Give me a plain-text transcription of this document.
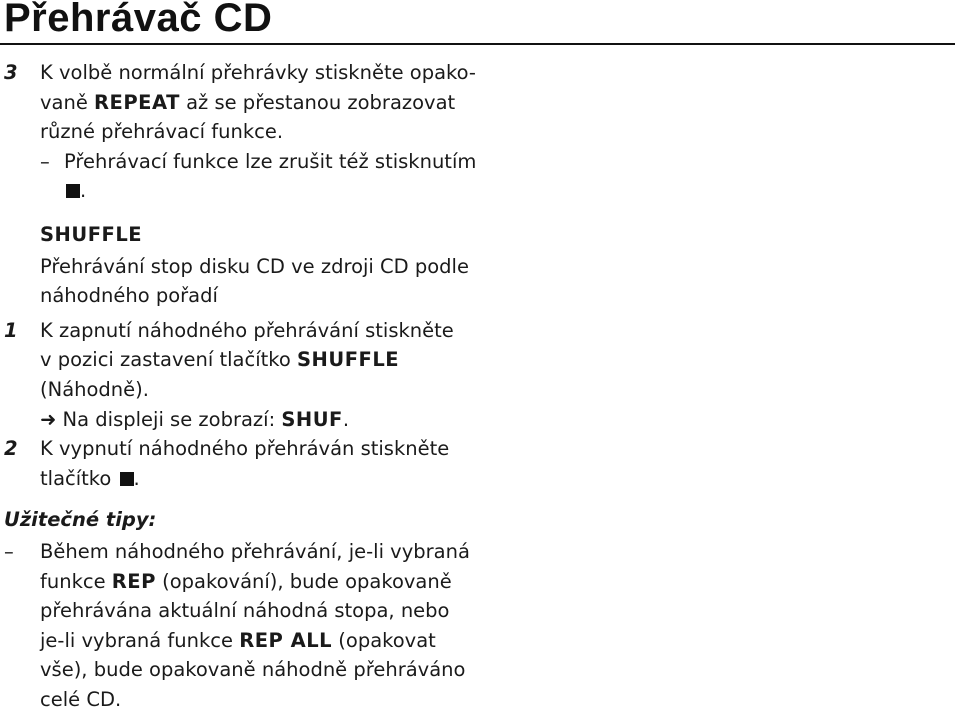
Přehrávač CD
3 K volbě normální přehrávky stiskněte opako-
vaně REPEAT až se přestanou zobrazovat
různé přehrávací funkce.
– Přehrávací funkce lze zrušit též stisknutím
.
SHUFFLE
Přehrávání stop disku CD ve zdroji CD podle
náhodného pořadí
1 K zapnutí náhodného přehrávání stiskněte
v pozici zastavení tlačítko SHUFFLE
(Náhodně).
➜ Na displeji se zobrazí: SHUF.
2 K vypnutí náhodného přehráván stiskněte
tlačítko .
Užitečné tipy:
– Během náhodného přehrávání, je-li vybraná
funkce REP (opakování), bude opakovaně
přehrávána aktuální náhodná stopa, nebo
je-li vybraná funkce REP ALL (opakovat
vše), bude opakovaně náhodně přehráváno
celé CD.
